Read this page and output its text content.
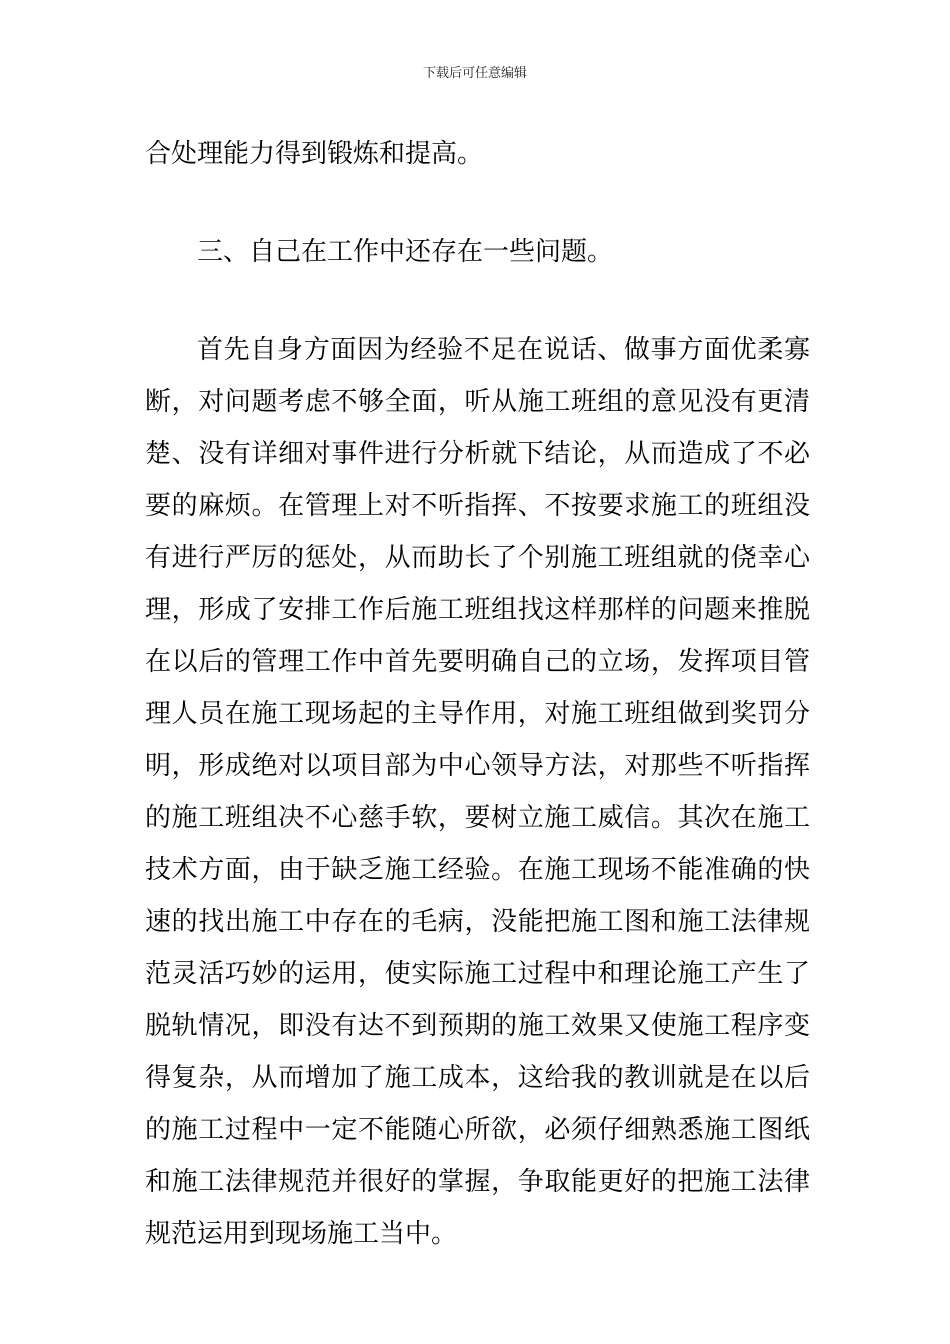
下载后可任意编辑
合处理能力得到锻炼和提高。
三、自己在工作中还存在一些问题。
首先自身方面因为经验不足在说话、做事方面优柔寡
断，对问题考虑不够全面，听从施工班组的意见没有更清
楚、没有详细对事件进行分析就下结论，从而造成了不必
要的麻烦。在管理上对不听指挥、不按要求施工的班组没
有进行严厉的惩处，从而助长了个别施工班组就的侥幸心
理，形成了安排工作后施工班组找这样那样的问题来推脱
在以后的管理工作中首先要明确自己的立场，发挥项目管
理人员在施工现场起的主导作用，对施工班组做到奖罚分
明，形成绝对以项目部为中心领导方法，对那些不听指挥
的施工班组决不心慈手软，要树立施工威信。其次在施工
技术方面，由于缺乏施工经验。在施工现场不能准确的快
速的找出施工中存在的毛病，没能把施工图和施工法律规
范灵活巧妙的运用，使实际施工过程中和理论施工产生了
脱轨情况，即没有达不到预期的施工效果又使施工程序变
得复杂，从而增加了施工成本，这给我的教训就是在以后
的施工过程中一定不能随心所欲，必须仔细熟悉施工图纸
和施工法律规范并很好的掌握，争取能更好的把施工法律
规范运用到现场施工当中。
